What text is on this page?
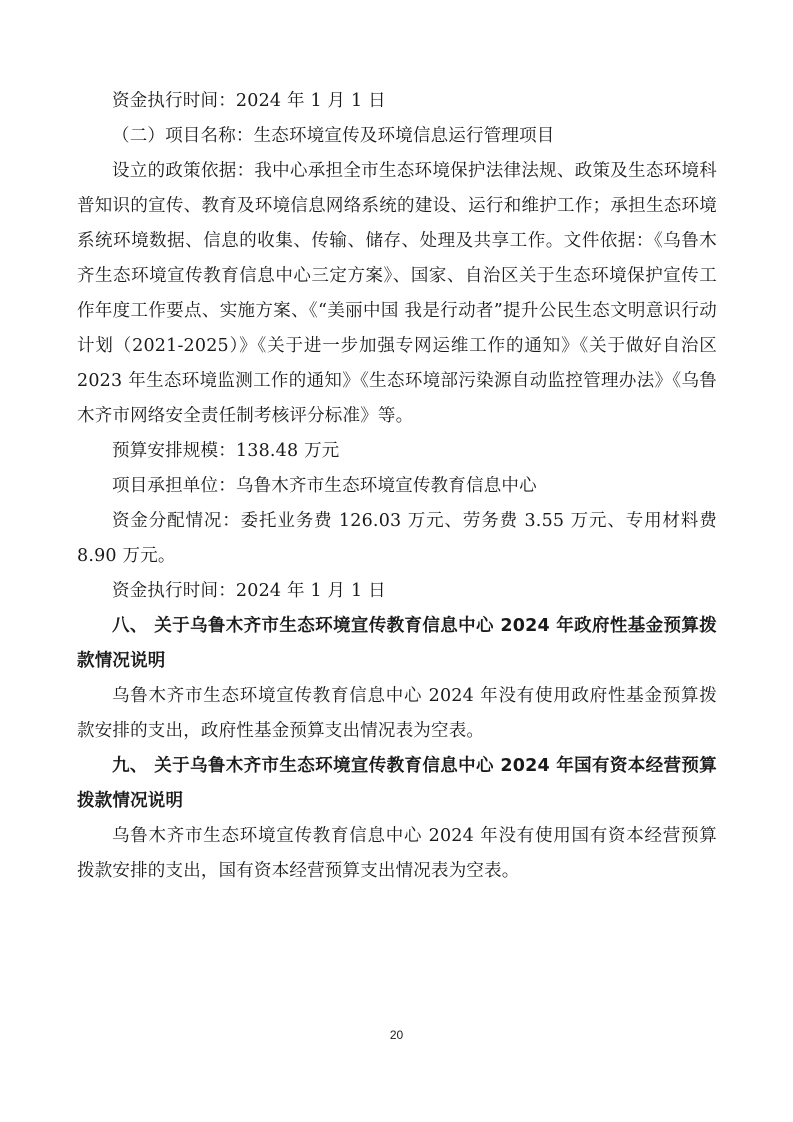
资金执行时间：2024 年 1 月 1 日

（二）项目名称：生态环境宣传及环境信息运行管理项目

设立的政策依据：我中心承担全市生态环境保护法律法规、政策及生态环境科普知识的宣传、教育及环境信息网络系统的建设、运行和维护工作；承担生态环境系统环境数据、信息的收集、传输、储存、处理及共享工作。文件依据：《乌鲁木齐生态环境宣传教育信息中心三定方案》、国家、自治区关于生态环境保护宣传工作年度工作要点、实施方案、《“美丽中国 我是行动者”提升公民生态文明意识行动计划（2021-2025）》《关于进一步加强专网运维工作的通知》《关于做好自治区 2023 年生态环境监测工作的通知》《生态环境部污染源自动监控管理办法》《乌鲁木齐市网络安全责任制考核评分标准》等。

预算安排规模：138.48 万元

项目承担单位：乌鲁木齐市生态环境宣传教育信息中心

资金分配情况：委托业务费 126.03 万元、劳务费 3.55 万元、专用材料费 8.90 万元。

资金执行时间：2024 年 1 月 1 日

八、 关于乌鲁木齐市生态环境宣传教育信息中心 2024 年政府性基金预算拨款情况说明

乌鲁木齐市生态环境宣传教育信息中心 2024 年没有使用政府性基金预算拨款安排的支出，政府性基金预算支出情况表为空表。

九、 关于乌鲁木齐市生态环境宣传教育信息中心 2024 年国有资本经营预算拨款情况说明

乌鲁木齐市生态环境宣传教育信息中心 2024 年没有使用国有资本经营预算拨款安排的支出，国有资本经营预算支出情况表为空表。

20
